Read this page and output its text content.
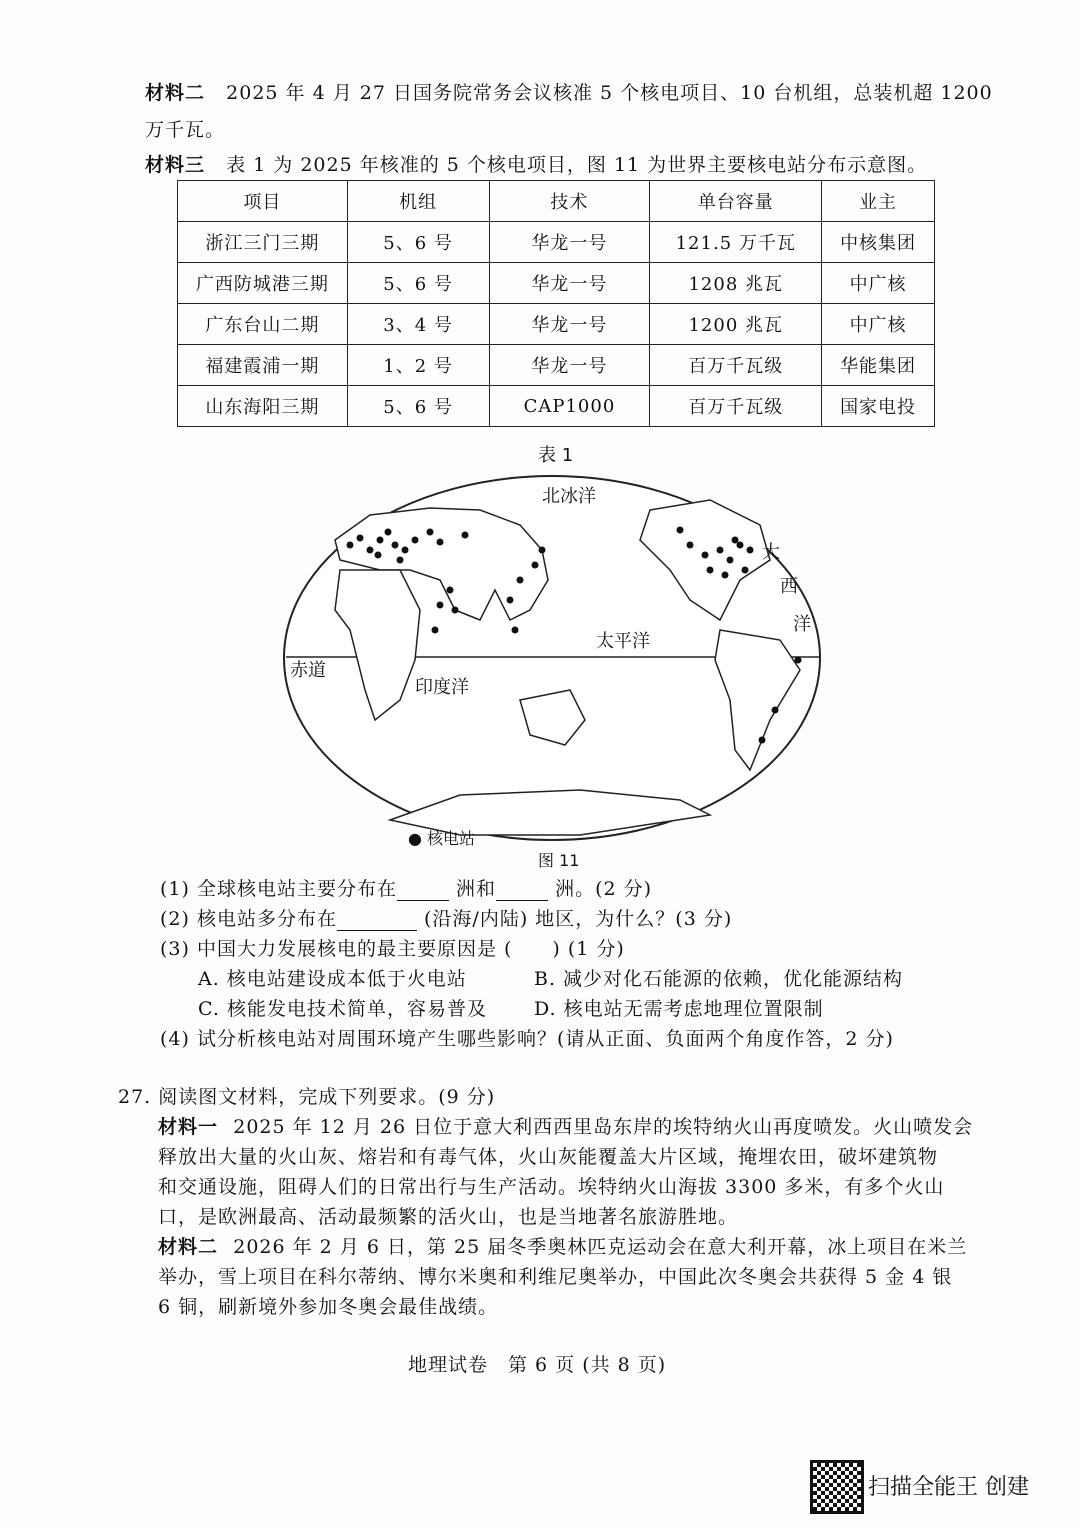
材料二 2025 年 4 月 27 日国务院常务会议核准 5 个核电项目、10 台机组，总装机超 1200
万千瓦。
材料三 表 1 为 2025 年核准的 5 个核电项目，图 11 为世界主要核电站分布示意图。
项目	机组	技术	单台容量	业主
浙江三门三期	5、6 号	华龙一号	121.5 万千瓦	中核集团
广西防城港三期	5、6 号	华龙一号	1208 兆瓦	中广核
广东台山二期	3、4 号	华龙一号	1200 兆瓦	中广核
福建霞浦一期	1、2 号	华龙一号	百万千瓦级	华能集团
山东海阳三期	5、6 号	CAP1000	百万千瓦级	国家电投
表 1
北冰洋
大
西
洋
太平洋
赤道
印度洋
● 核电站
图 11
(1) 全球核电站主要分布在	洲和	洲。(2 分)
(2) 核电站多分布在	(沿海/内陆) 地区，为什么？(3 分)
(3) 中国大力发展核电的最主要原因是 (　　) (1 分)
A. 核电站建设成本低于火电站	B. 减少对化石能源的依赖，优化能源结构
C. 核能发电技术简单，容易普及 D. 核电站无需考虑地理位置限制
(4) 试分析核电站对周围环境产生哪些影响？(请从正面、负面两个角度作答，2 分)
27. 阅读图文材料，完成下列要求。(9 分)
材料一  2025 年 12 月 26 日位于意大利西西里岛东岸的埃特纳火山再度喷发。火山喷发会
释放出大量的火山灰、熔岩和有毒气体，火山灰能覆盖大片区域，掩埋农田，破坏建筑物
和交通设施，阻碍人们的日常出行与生产活动。埃特纳火山海拔 3300 多米，有多个火山
口，是欧洲最高、活动最频繁的活火山，也是当地著名旅游胜地。
材料二  2026 年 2 月 6 日，第 25 届冬季奥林匹克运动会在意大利开幕，冰上项目在米兰
举办，雪上项目在科尔蒂纳、博尔米奥和利维尼奥举办，中国此次冬奥会共获得 5 金 4 银
6 铜，刷新境外参加冬奥会最佳战绩。
地理试卷　第 6 页 (共 8 页)
扫描全能王 创建
